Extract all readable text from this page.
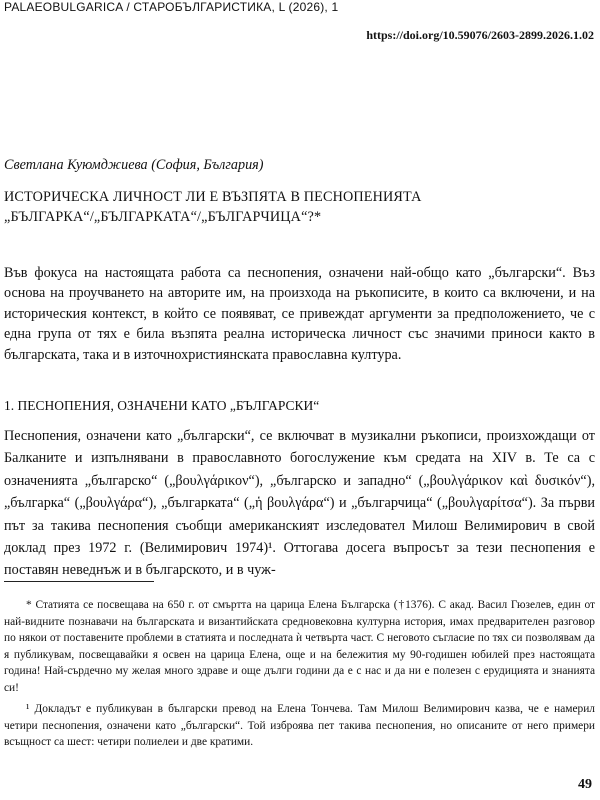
PALAEOBULGARICA / СТАРОБЪЛГАРИСТИКА, L (2026), 1
https://doi.org/10.59076/2603-2899.2026.1.02
Светлана Куюмджиева (София, България)
ИСТОРИЧЕСКА ЛИЧНОСТ ЛИ Е ВЪЗПЯТА В ПЕСНОПЕНИЯТА
„БЪЛГАРКА“/„БЪЛГАРКАТА“/„БЪЛГАРЧИЦА“?*
Във фокуса на настоящата работа са песнопения, означени най-общо като „български“. Въз основа на проучването на авторите им, на произхода на ръкописите, в които са включени, и на историческия контекст, в който се появяват, се привеждат аргументи за предположението, че с една група от тях е била възпята реална историческа личност със значими приноси както в българската, така и в източнохристиянската православна култура.
1. ПЕСНОПЕНИЯ, ОЗНАЧЕНИ КАТО „БЪЛГАРСКИ“
Песнопения, означени като „български“, се включват в музикални ръкописи, произхождащи от Балканите и изпълнявани в православното богослужение към средата на XIV в. Те са с означенията „българско“ („βουλγάρικον“), „българско и западно“ („βουλγάρικον καὶ δυσικόν“), „българка“ („βουλγάρα“), „българката“ („ἡ βουλγάρα“) и „българчица“ („βουλγαρίτσα“). За първи път за такива песнопения съобщи американският изследовател Милош Велимирович в свой доклад през 1972 г. (Велимирович 1974)¹. Оттогава досега въпросът за тези песнопения е поставян неведнъж и в българското, и в чуж-

* Статията се посвещава на 650 г. от смъртта на царица Елена Българска (†1376). С акад. Васил Гюзелев, един от най-видните познавачи на българската и византийската средновековна културна история, имах предварителен разговор по някои от поставените проблеми в статията и последната ѝ четвърта част. С неговото съгласие по тях си позволявам да я публикувам, посвещавайки я освен на царица Елена, още и на бележития му 90-годишен юбилей през настоящата година! Най-сърдечно му желая много здраве и още дълги години да е с нас и да ни е полезен с ерудицията и знанията си!

¹ Докладът е публикуван в български превод на Елена Тончева. Там Милош Велимирович казва, че е намерил четири песнопения, означени като „български“. Той изброява пет такива песнопения, но описаните от него примери всъщност са шест: четири полиелеи и две кратими.

49
